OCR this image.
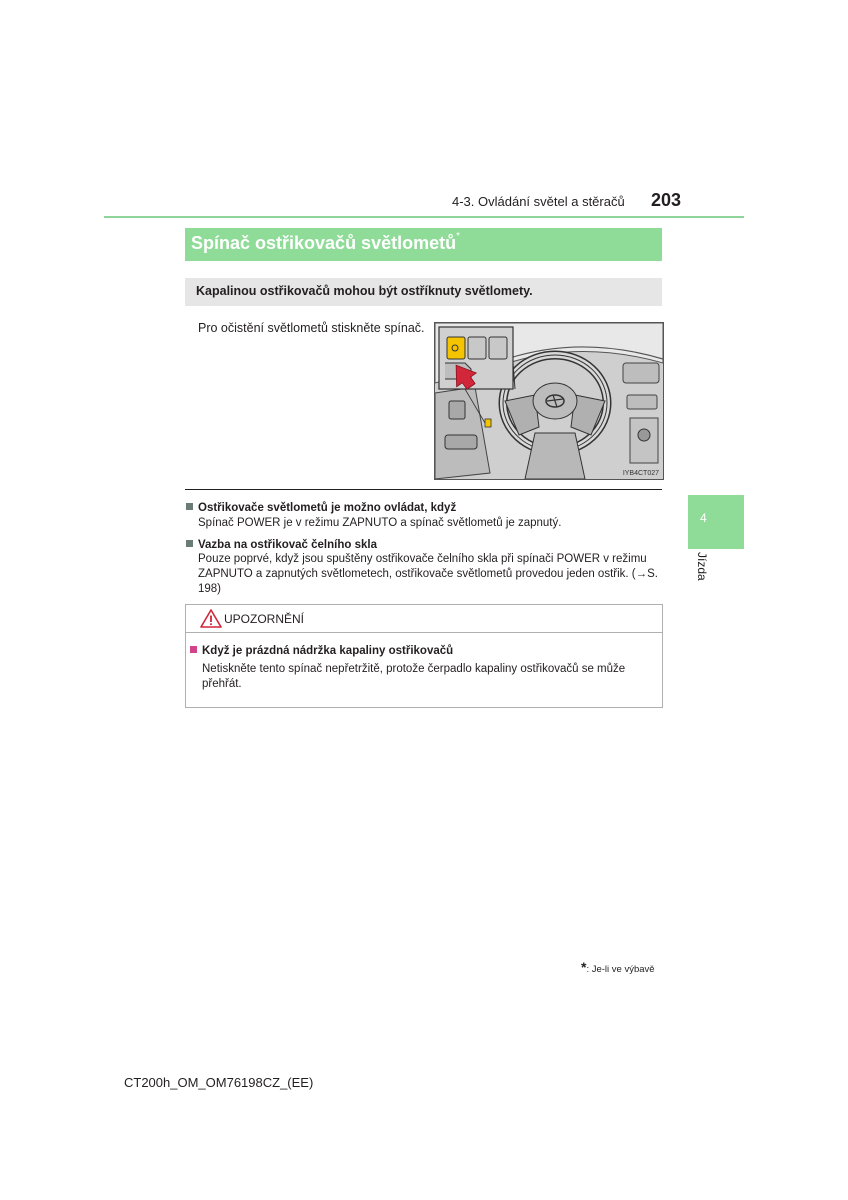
4-3. Ovládání světel a stěračů 203
Spínač ostřikovačů světlometů*
Kapalinou ostřikovačů mohou být ostříknuty světlomety.
Pro očistění světlometů stiskněte spínač.
IYB4CT027
Ostřikovače světlometů je možno ovládat, když
Spínač POWER je v režimu ZAPNUTO a spínač světlometů je zapnutý.
Vazba na ostřikovač čelního skla
Pouze poprvé, když jsou spuštěny ostřikovače čelního skla při spínači POWER v režimu ZAPNUTO a zapnutých světlometech, ostřikovače světlometů provedou jeden ostřik. (→S. 198)
UPOZORNĚNÍ
Když je prázdná nádržka kapaliny ostřikovačů
Netiskněte tento spínač nepřetržitě, protože čerpadlo kapaliny ostřikovačů se může přehřát.
4
Jízda
*: Je-li ve výbavě
CT200h_OM_OM76198CZ_(EE)
